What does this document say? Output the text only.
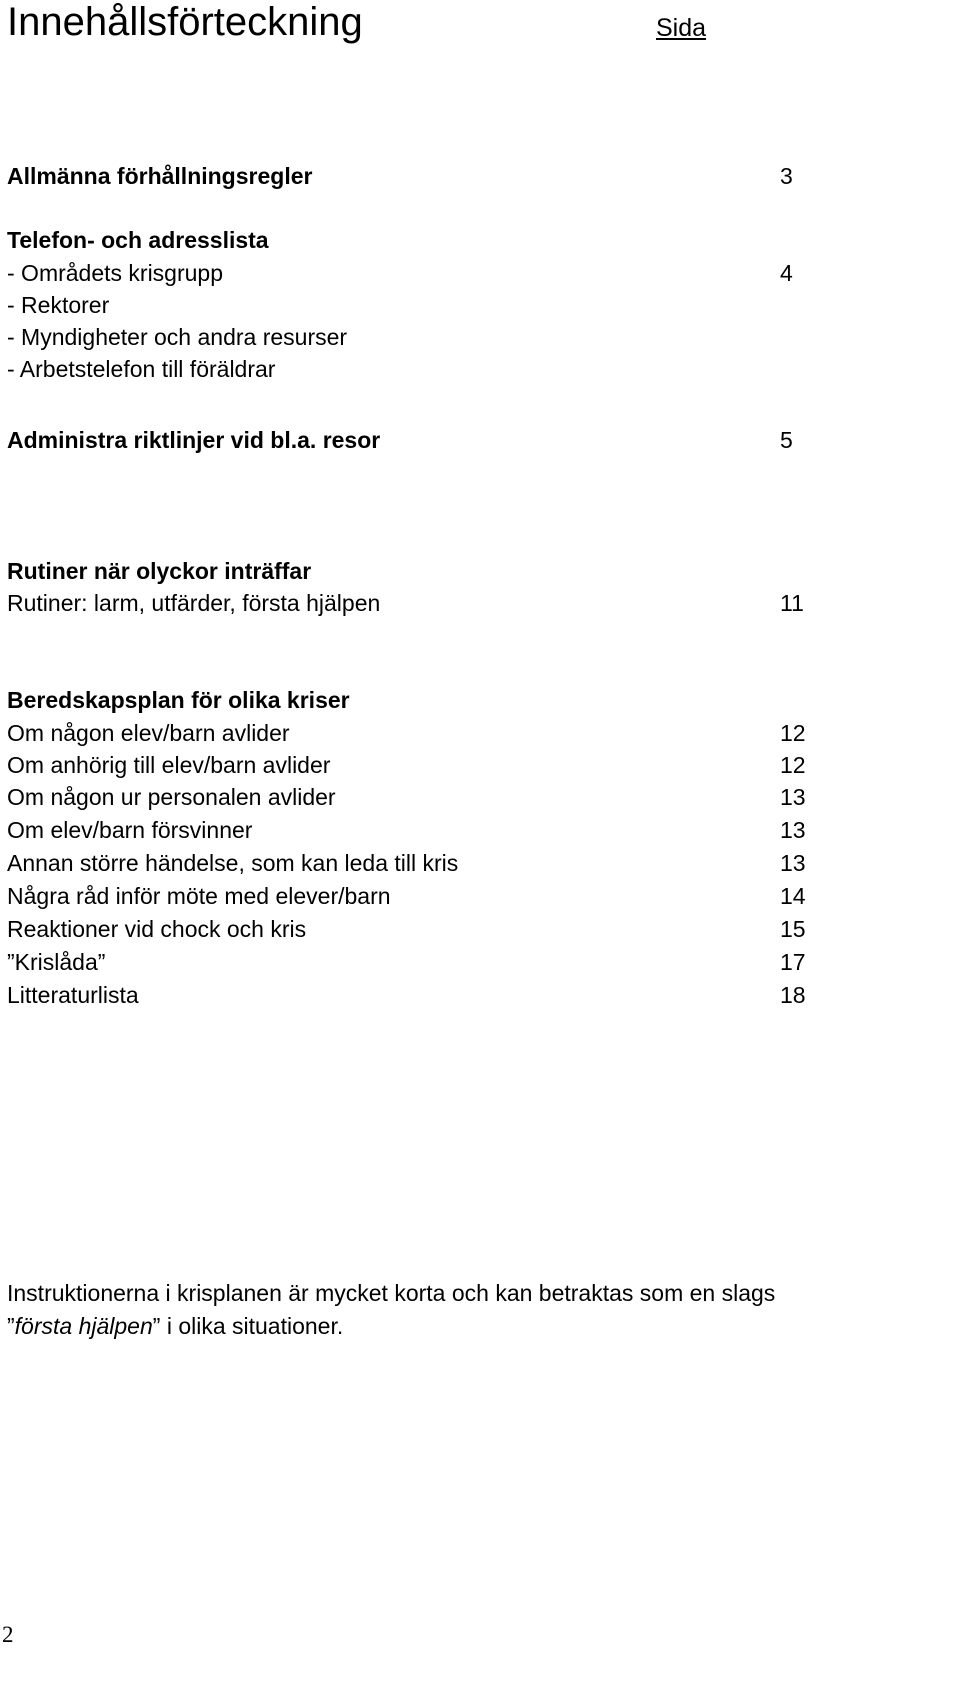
Innehållsförteckning	Sida
Allmänna förhållningsregler	3
Telefon- och adresslista
- Områdets krisgrupp	4
- Rektorer
- Myndigheter och andra resurser
- Arbetstelefon till föräldrar
Administra riktlinjer vid bl.a. resor	5
Rutiner när olyckor inträffar
Rutiner: larm, utfärder, första hjälpen	11
Beredskapsplan för olika kriser
Om någon elev/barn avlider	12
Om anhörig till elev/barn avlider	12
Om någon ur personalen avlider	13
Om elev/barn försvinner	13
Annan större händelse, som kan leda till kris	13
Några råd inför möte med elever/barn	14
Reaktioner vid chock och kris	15
”Krislåda”	17
Litteraturlista	18
Instruktionerna i krisplanen är mycket korta och kan betraktas som en slags
”första hjälpen” i olika situationer.
2
